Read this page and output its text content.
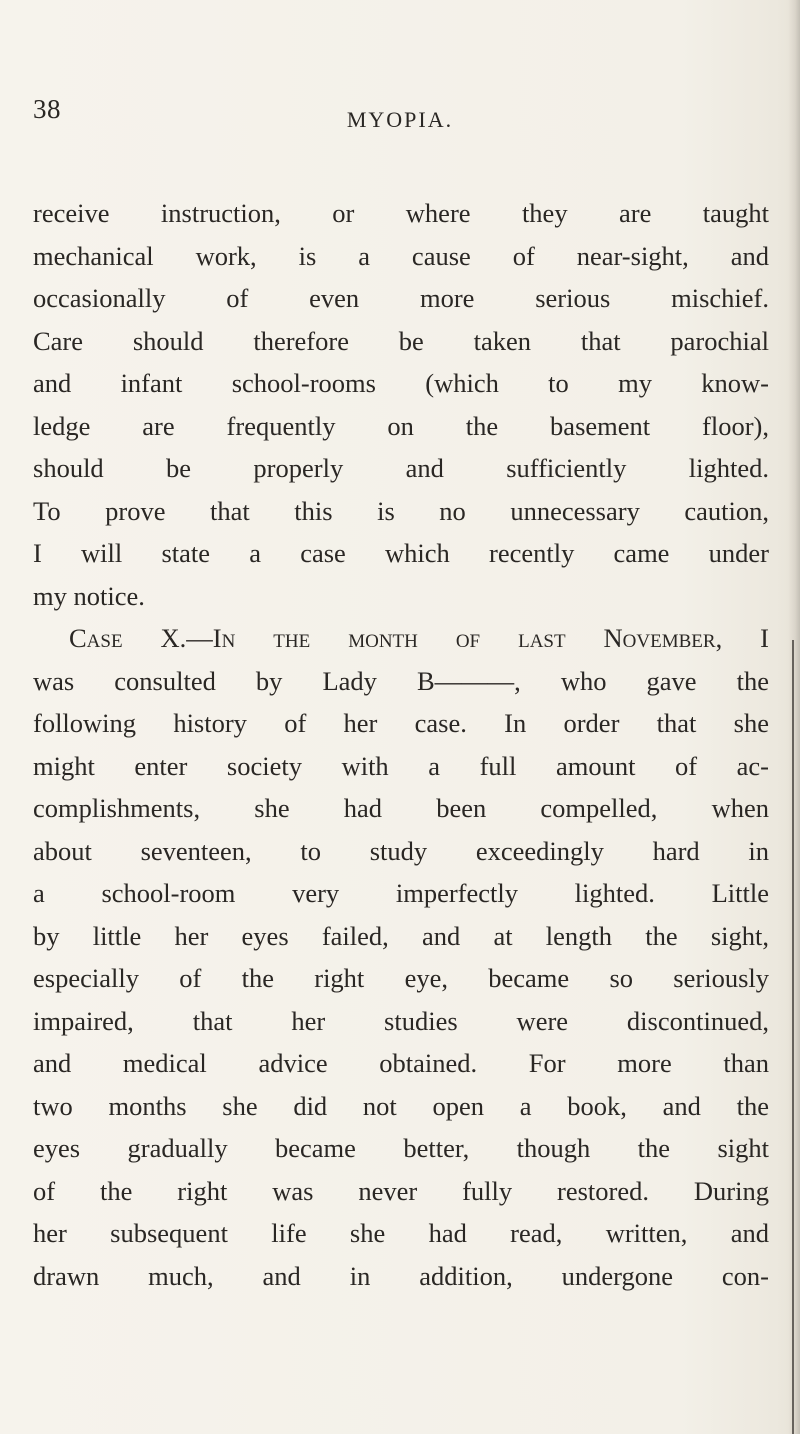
38	MYOPIA.
receive instruction, or where they are taught
mechanical work, is a cause of near-sight, and
occasionally of even more serious mischief.
Care should therefore be taken that parochial
and infant school-rooms (which to my know-
ledge are frequently on the basement floor),
should be properly and sufficiently lighted.
To prove that this is no unnecessary caution,
I will state a case which recently came under
my notice.
Case X.—In the month of last November, I
was consulted by Lady B———, who gave the
following history of her case. In order that she
might enter society with a full amount of ac-
complishments, she had been compelled, when
about seventeen, to study exceedingly hard in
a school-room very imperfectly lighted. Little
by little her eyes failed, and at length the sight,
especially of the right eye, became so seriously
impaired, that her studies were discontinued,
and medical advice obtained. For more than
two months she did not open a book, and the
eyes gradually became better, though the sight
of the right was never fully restored. During
her subsequent life she had read, written, and
drawn much, and in addition, undergone con-
